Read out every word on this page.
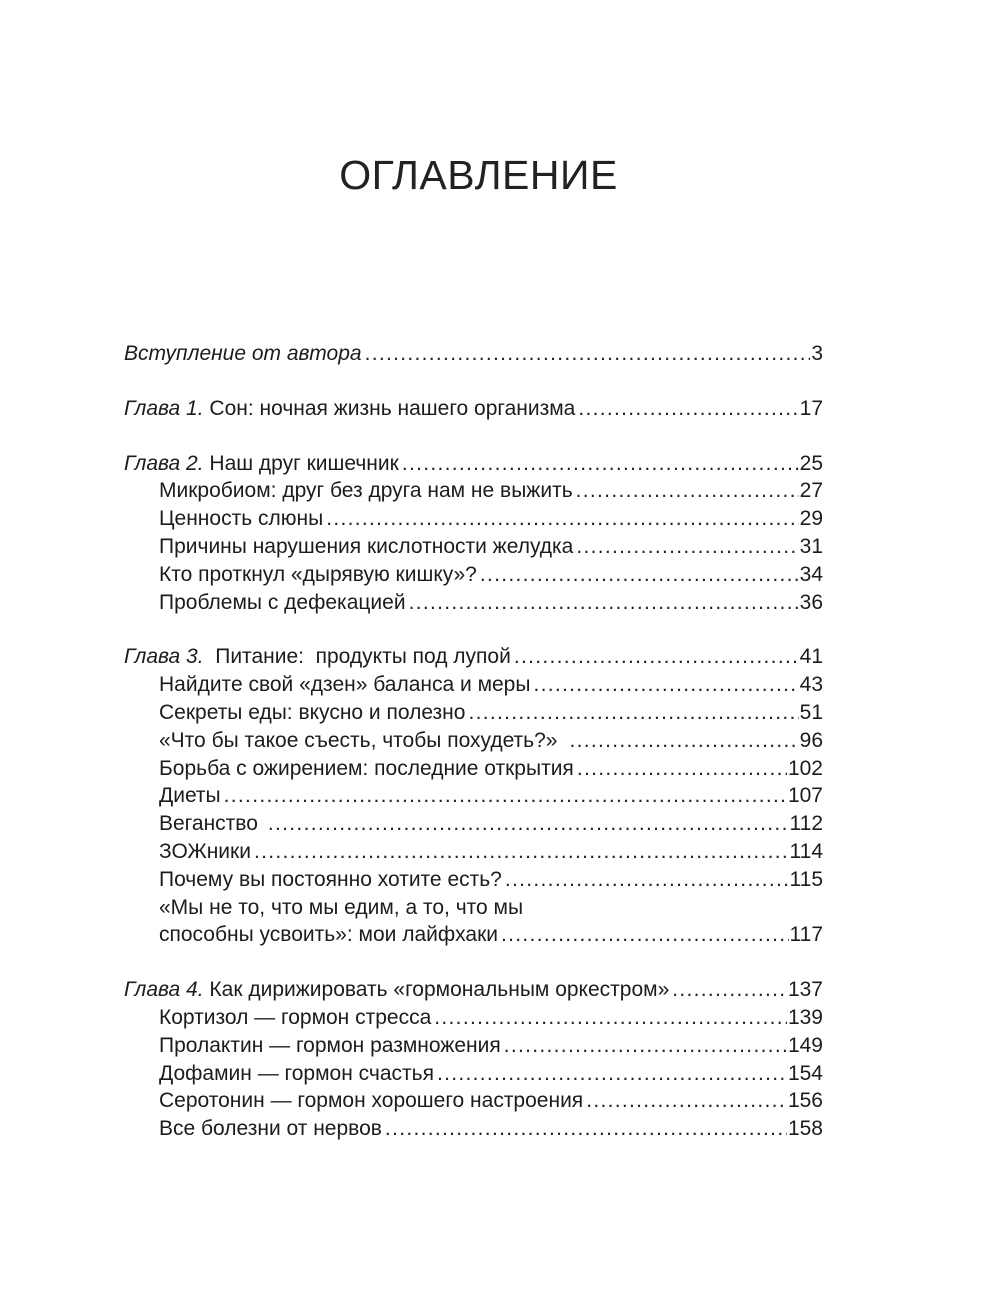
ОГЛАВЛЕНИЕ
Вступление от автора .....	3
Глава 1. Сон: ночная жизнь нашего организма .....	17
Глава 2. Наш друг кишечник .....	25
Микробиом: друг без друга нам не выжить .....	27
Ценность слюны .....	29
Причины нарушения кислотности желудка .....	31
Кто проткнул «дырявую кишку»? .....	34
Проблемы с дефекацией .....	36
Глава 3. Питание:  продукты под лупой .....	41
Найдите свой «дзен» баланса и меры .....	43
Секреты еды: вкусно и полезно .....	51
«Что бы такое съесть, чтобы похудеть?» .....	96
Борьба с ожирением: последние открытия .....	102
Диеты .....	107
Веганство .....	112
ЗОЖники .....	114
Почему вы постоянно хотите есть? .....	115
«Мы не то, что мы едим, а то, что мы
способны усвоить»: мои лайфхаки .....	117
Глава 4. Как дирижировать «гормональным оркестром» .....	137
Кортизол — гормон стресса .....	139
Пролактин — гормон размножения .....	149
Дофамин — гормон счастья .....	154
Серотонин — гормон хорошего настроения .....	156
Все болезни от нервов .....	158
